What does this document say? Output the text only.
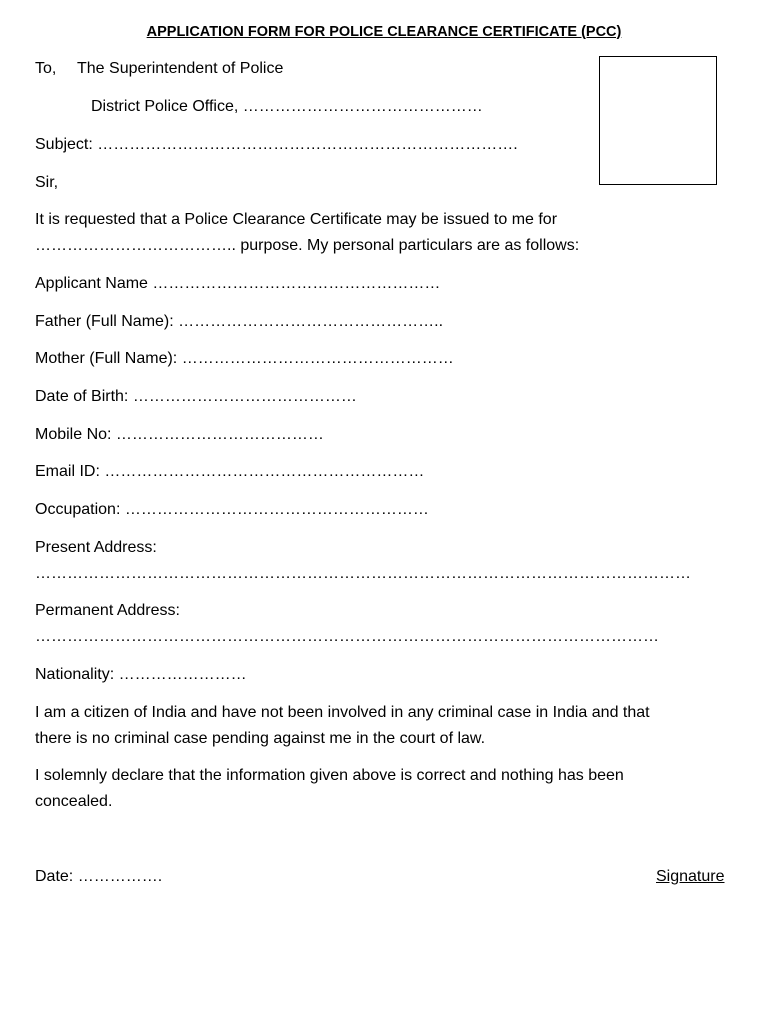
APPLICATION FORM FOR POLICE CLEARANCE CERTIFICATE (PCC)
To, The Superintendent of Police
District Police Office, ………………………………………
Subject: …………………………………………………………………….
Sir,
It is requested that a Police Clearance Certificate may be issued to me for
……………………………….. purpose. My personal particulars are as follows:
Applicant Name ………………………………………………
Father (Full Name): …………………………………………..
Mother (Full Name): ……………………………………………
Date of Birth: ……………………………………
Mobile No: …………………………………
Email ID: ……………………………………………………
Occupation: …………………………………………………
Present Address:
……………………………………………………………………………………………………………
Permanent Address:
………………………………………………………………………………………………………
Nationality: ……………………
I am a citizen of India and have not been involved in any criminal case in India and that
there is no criminal case pending against me in the court of law.
I solemnly declare that the information given above is correct and nothing has been
concealed.
Date: …………….	Signature
